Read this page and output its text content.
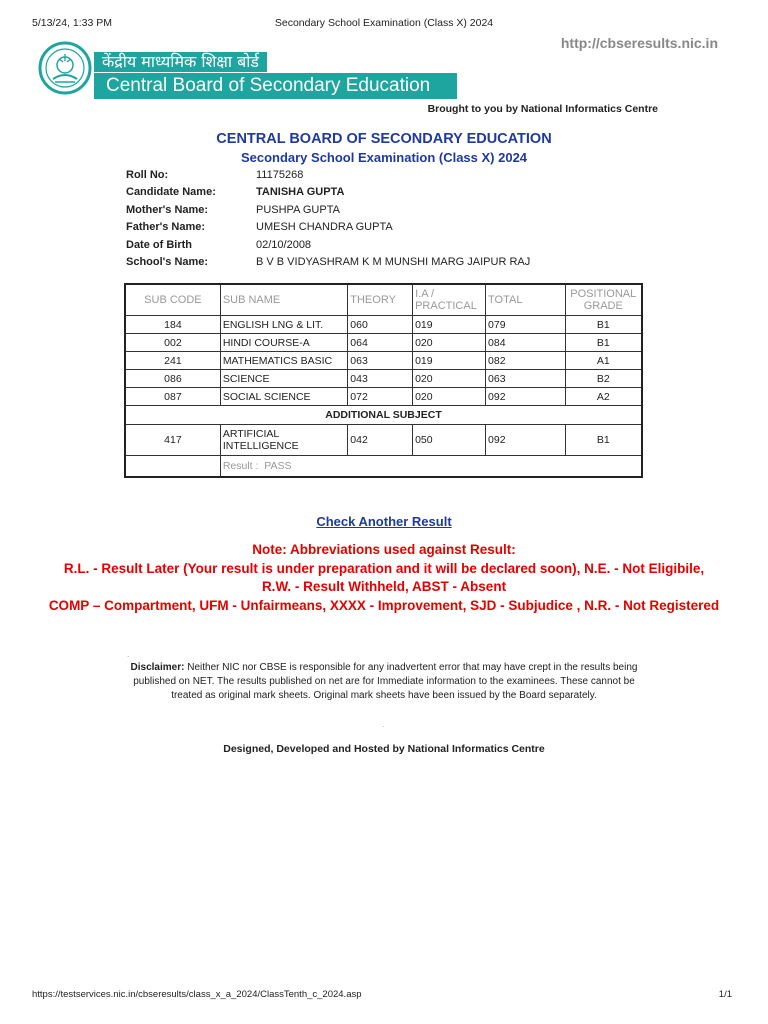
5/13/24, 1:33 PM	Secondary School Examination (Class X) 2024
केंद्रीय माध्यमिक शिक्षा बोर्ड
Central Board of Secondary Education
http://cbseresults.nic.in
Brought to you by National Informatics Centre
CENTRAL BOARD OF SECONDARY EDUCATION
Secondary School Examination (Class X) 2024
Roll No:	11175268
Candidate Name:	TANISHA GUPTA
Mother's Name:	PUSHPA GUPTA
Father's Name:	UMESH CHANDRA GUPTA
Date of Birth	02/10/2008
School's Name:	B V B VIDYASHRAM K M MUNSHI MARG JAIPUR RAJ
SUB CODE	SUB NAME	THEORY	I.A / PRACTICAL	TOTAL	POSITIONAL GRADE
184	ENGLISH LNG & LIT.	060	019	079	B1
002	HINDI COURSE-A	064	020	084	B1
241	MATHEMATICS BASIC	063	019	082	A1
086	SCIENCE	043	020	063	B2
087	SOCIAL SCIENCE	072	020	092	A2
ADDITIONAL SUBJECT					
417	ARTIFICIAL INTELLIGENCE	042	050	092	B1
	Result :  PASS				
Check Another Result
Note: Abbreviations used against Result:
R.L. - Result Later (Your result is under preparation and it will be declared soon), N.E. - Not Eligibile,
R.W. - Result Withheld, ABST - Absent
COMP – Compartment, UFM - Unfairmeans, XXXX - Improvement, SJD - Subjudice , N.R. - Not Registered
.
Disclaimer: Neither NIC nor CBSE is responsible for any inadvertent error that may have crept in the results being published on NET. The results published on net are for Immediate information to the examinees. These cannot be treated as original mark sheets. Original mark sheets have been issued by the Board separately.
.
Designed, Developed and Hosted by National Informatics Centre
https://testservices.nic.in/cbseresults/class_x_a_2024/ClassTenth_c_2024.asp	1/1
